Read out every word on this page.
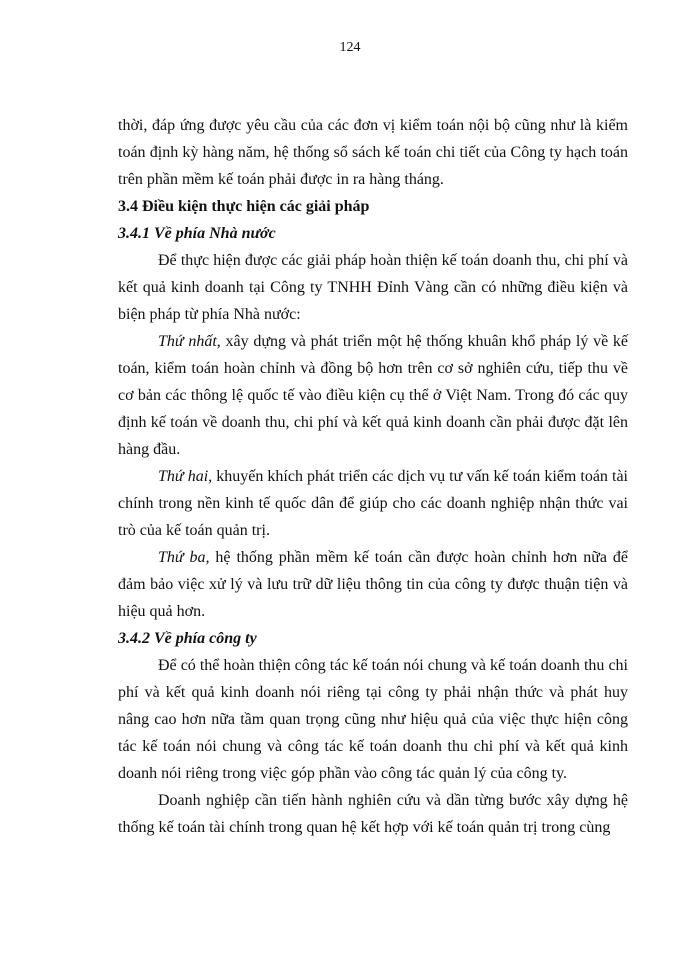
124

thời, đáp ứng được yêu cầu của các đơn vị kiểm toán nội bộ cũng như là kiểm toán định kỳ hàng năm, hệ thống sổ sách kế toán chi tiết của Công ty hạch toán trên phần mềm kế toán phải được in ra hàng tháng.

3.4 Điều kiện thực hiện các giải pháp
3.4.1 Về phía Nhà nước

Để thực hiện được các giải pháp hoàn thiện kế toán doanh thu, chi phí và kết quả kinh doanh tại Công ty TNHH Đỉnh Vàng cần có những điều kiện và biện pháp từ phía Nhà nước:

Thứ nhất, xây dựng và phát triển một hệ thống khuân khổ pháp lý về kế toán, kiểm toán hoàn chỉnh và đồng bộ hơn trên cơ sở nghiên cứu, tiếp thu về cơ bản các thông lệ quốc tế vào điều kiện cụ thể ở Việt Nam. Trong đó các quy định kế toán về doanh thu, chi phí và kết quả kinh doanh cần phải được đặt lên hàng đầu.

Thứ hai, khuyến khích phát triển các dịch vụ tư vấn kế toán kiểm toán tài chính trong nền kinh tế quốc dân để giúp cho các doanh nghiệp nhận thức vai trò của kế toán quản trị.

Thứ ba, hệ thống phần mềm kế toán cần được hoàn chỉnh hơn nữa để đảm bảo việc xử lý và lưu trữ dữ liệu thông tin của công ty được thuận tiện và hiệu quả hơn.

3.4.2 Về phía công ty

Để có thể hoàn thiện công tác kế toán nói chung và kế toán doanh thu chi phí và kết quả kinh doanh nói riêng tại công ty phải nhận thức và phát huy nâng cao hơn nữa tầm quan trọng cũng như hiệu quả của việc thực hiện công tác kế toán nói chung và công tác kế toán doanh thu chi phí và kết quả kinh doanh nói riêng trong việc góp phần vào công tác quản lý của công ty.

Doanh nghiệp cần tiến hành nghiên cứu và dần từng bước xây dựng hệ thống kế toán tài chính trong quan hệ kết hợp với kế toán quản trị trong cùng
